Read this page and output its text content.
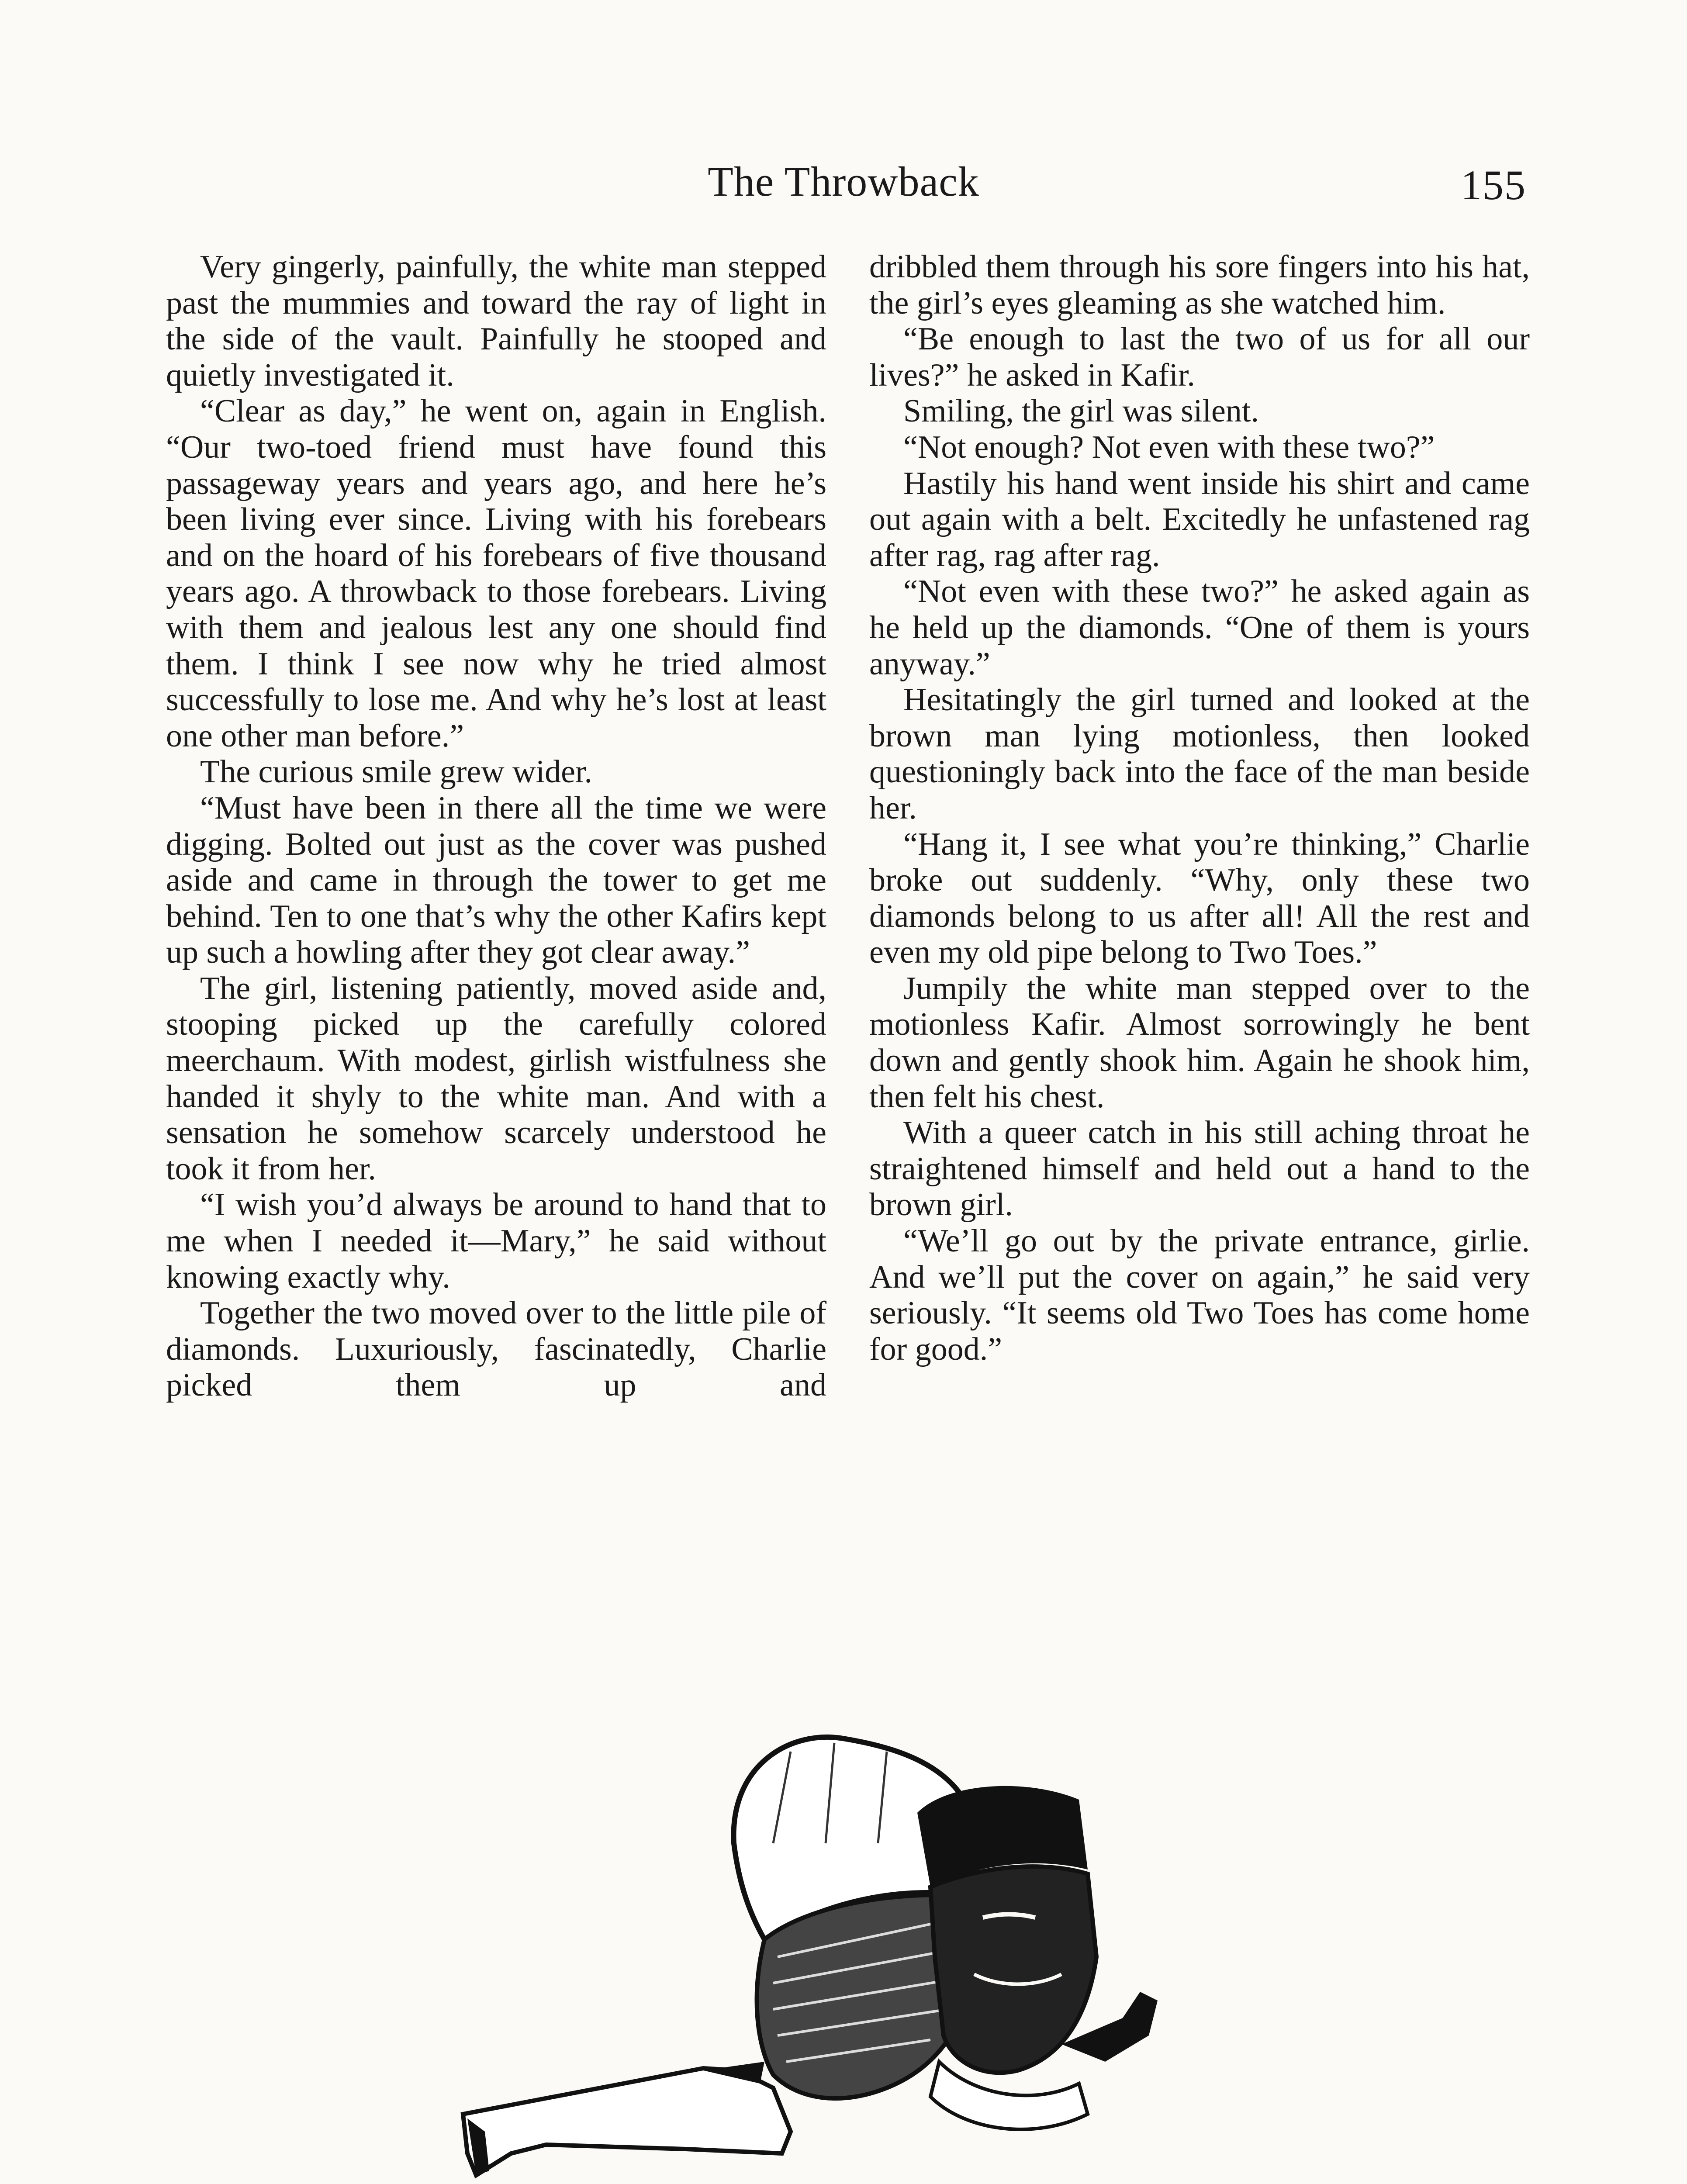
The Throwback	155

Very gingerly, painfully, the white man stepped past the mummies and toward the ray of light in the side of the vault. Painfully he stooped and quietly investigated it.

“Clear as day,” he went on, again in English. “Our two-toed friend must have found this passageway years and years ago, and here he’s been living ever since. Living with his forebears and on the hoard of his forebears of five thousand years ago. A throwback to those forebears. Living with them and jealous lest any one should find them. I think I see now why he tried almost successfully to lose me. And why he’s lost at least one other man before.”

The curious smile grew wider.

“Must have been in there all the time we were digging. Bolted out just as the cover was pushed aside and came in through the tower to get me behind. Ten to one that’s why the other Kafirs kept up such a howling after they got clear away.”

The girl, listening patiently, moved aside and, stooping picked up the carefully colored meerchaum. With modest, girlish wistfulness she handed it shyly to the white man. And with a sensation he somehow scarcely understood he took it from her.

“I wish you’d always be around to hand that to me when I needed it—Mary,” he said without knowing exactly why.

Together the two moved over to the little pile of diamonds. Luxuriously, fascinatedly, Charlie picked them up and

dribbled them through his sore fingers into his hat, the girl’s eyes gleaming as she watched him.

“Be enough to last the two of us for all our lives?” he asked in Kafir.

Smiling, the girl was silent.

“Not enough? Not even with these two?”

Hastily his hand went inside his shirt and came out again with a belt. Excitedly he unfastened rag after rag, rag after rag.

“Not even with these two?” he asked again as he held up the diamonds. “One of them is yours anyway.”

Hesitatingly the girl turned and looked at the brown man lying motionless, then looked questioningly back into the face of the man beside her.

“Hang it, I see what you’re thinking,” Charlie broke out suddenly. “Why, only these two diamonds belong to us after all! All the rest and even my old pipe belong to Two Toes.”

Jumpily the white man stepped over to the motionless Kafir. Almost sorrowingly he bent down and gently shook him. Again he shook him, then felt his chest.

With a queer catch in his still aching throat he straightened himself and held out a hand to the brown girl.

“We’ll go out by the private entrance, girlie. And we’ll put the cover on again,” he said very seriously. “It seems old Two Toes has come home for good.”
